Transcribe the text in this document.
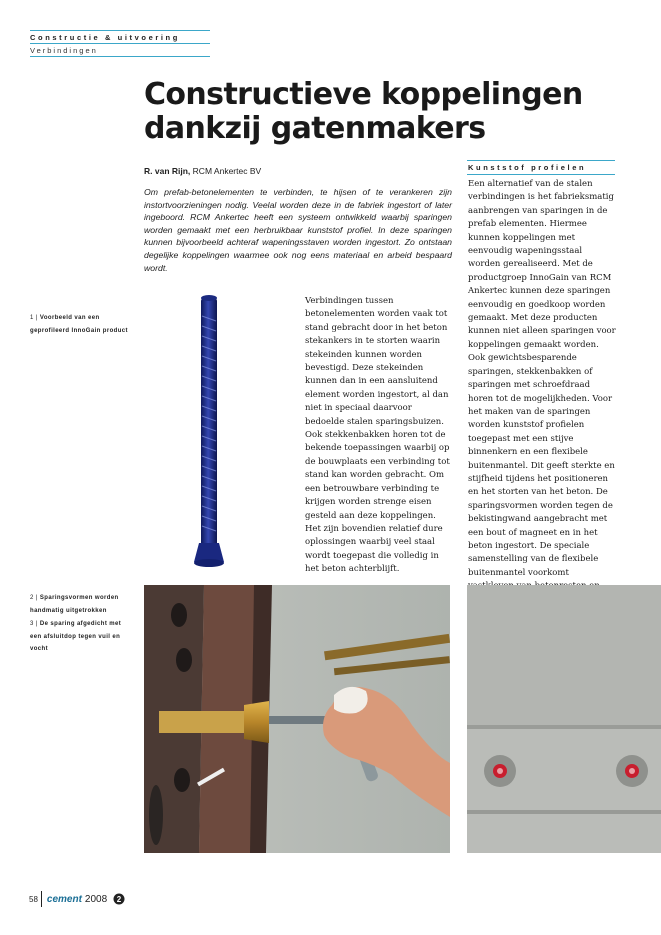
Constructie & uitvoering
Verbindingen
Constructieve koppelingen
dankzij gatenmakers
R. van Rijn, RCM Ankertec BV
Om prefab-betonelementen te verbinden, te hijsen of te verankeren zijn instortvoorzieningen nodig. Veelal worden deze in de fabriek ingestort of later ingeboord. RCM Ankertec heeft een systeem ontwikkeld waarbij sparingen worden gemaakt met een herbruikbaar kunststof profiel. In deze sparingen kunnen bijvoorbeeld achteraf wapeningsstaven worden ingestort. Zo ontstaan degelijke koppelingen waarmee ook nog eens materiaal en arbeid bespaard wordt.
1 | Voorbeeld van een geprofileerd InnoGain product
Verbindingen tussen betonelementen worden vaak tot stand gebracht door in het beton stekankers in te storten waarin stekeinden kunnen worden bevestigd. Deze stekeinden kunnen dan in een aansluitend element worden ingestort, al dan niet in speciaal daarvoor bedoelde stalen sparingsbuizen. Ook stekkenbakken horen tot de bekende toepassingen waarbij op de bouwplaats een verbinding tot stand kan worden gebracht. Om een betrouwbare verbinding te krijgen worden strenge eisen gesteld aan deze koppelingen. Het zijn bovendien relatief dure oplossingen waarbij veel staal wordt toegepast die volledig in het beton achterblijft.
Kunststof profielen
Een alternatief van de stalen verbindingen is het fabrieksmatig aanbrengen van sparingen in de prefab elementen. Hiermee kunnen koppelingen met eenvoudig wapeningsstaal worden gerealiseerd. Met de productgroep InnoGain van RCM Ankertec kunnen deze sparingen eenvoudig en goedkoop worden gemaakt. Met deze producten kunnen niet alleen sparingen voor koppelingen gemaakt worden. Ook gewichtsbesparende sparingen, stekkenbakken of sparingen met schroefdraad horen tot de mogelijkheden. Voor het maken van de sparingen worden kunststof profielen toegepast met een stijve binnenkern en een flexibele buitenmantel. Dit geeft sterkte en stijfheid tijdens het positioneren en het storten van het beton. De sparingsvormen worden tegen de bekistingwand aangebracht met een bout of magneet en in het beton ingestort. De speciale samenstelling van de flexibele buitenmantel voorkomt
2 | Sparingsvormen worden handmatig uitgetrokken
3 | De sparing afgedicht met een afsluitdop tegen vuil en vocht
58 cement 2008 2
